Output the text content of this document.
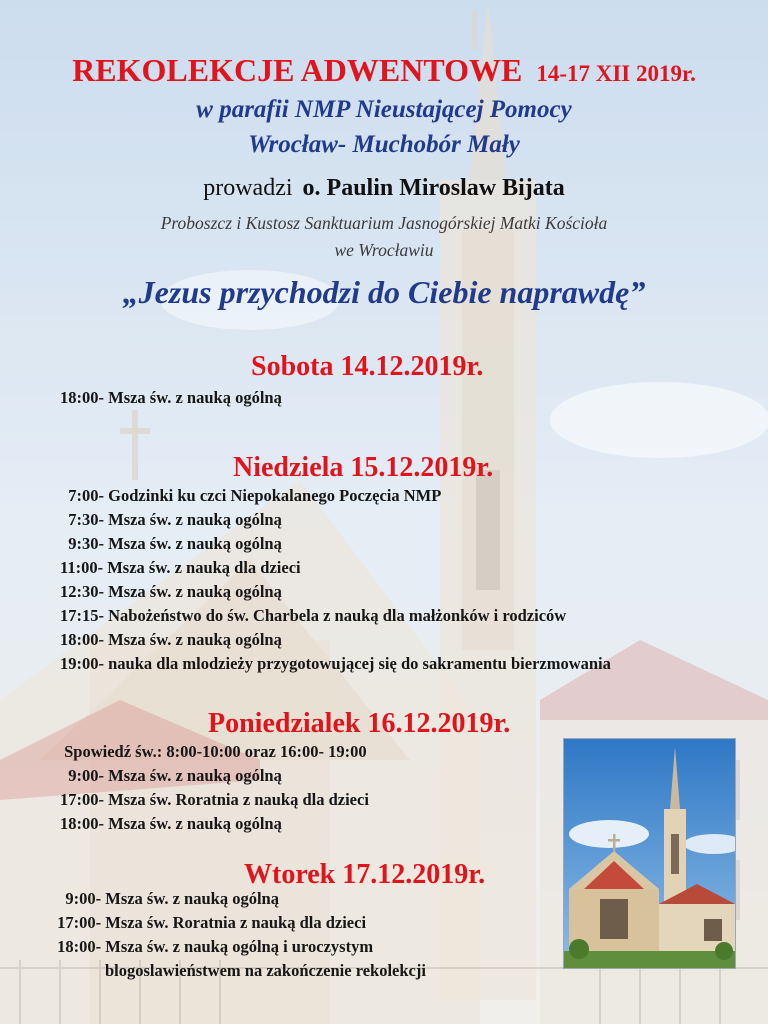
REKOLEKCJE ADWENTOWE 14-17 XII 2019r.
w parafii NMP Nieustającej Pomocy
Wrocław- Muchobór Mały
prowadzi o. Paulin Miroslaw Bijata
Proboszcz i Kustosz Sanktuarium Jasnogórskiej Matki Kościoła
we Wrocławiu
„Jezus przychodzi do Ciebie naprawdę”
Sobota 14.12.2019r.
18:00- Msza św. z nauką ogólną
Niedziela 15.12.2019r.
7:00- Godzinki ku czci Niepokalanego Poczęcia NMP
7:30- Msza św. z nauką ogólną
9:30- Msza św. z nauką ogólną
11:00- Msza św. z nauką dla dzieci
12:30- Msza św. z nauką ogólną
17:15- Nabożeństwo do św. Charbela z nauką dla małżonków i rodziców
18:00- Msza św. z nauką ogólną
19:00- nauka dla mlodzieży przygotowującej się do sakramentu bierzmowania
Poniedzialek 16.12.2019r.
Spowiedź św.: 8:00-10:00 oraz 16:00- 19:00
9:00- Msza św. z nauką ogólną
17:00- Msza św. Roratnia z nauką dla dzieci
18:00- Msza św. z nauką ogólną
Wtorek 17.12.2019r.
9:00- Msza św. z nauką ogólną
17:00- Msza św. Roratnia z nauką dla dzieci
18:00- Msza św. z nauką ogólną i uroczystym
blogoslawieństwem na zakończenie rekolekcji
